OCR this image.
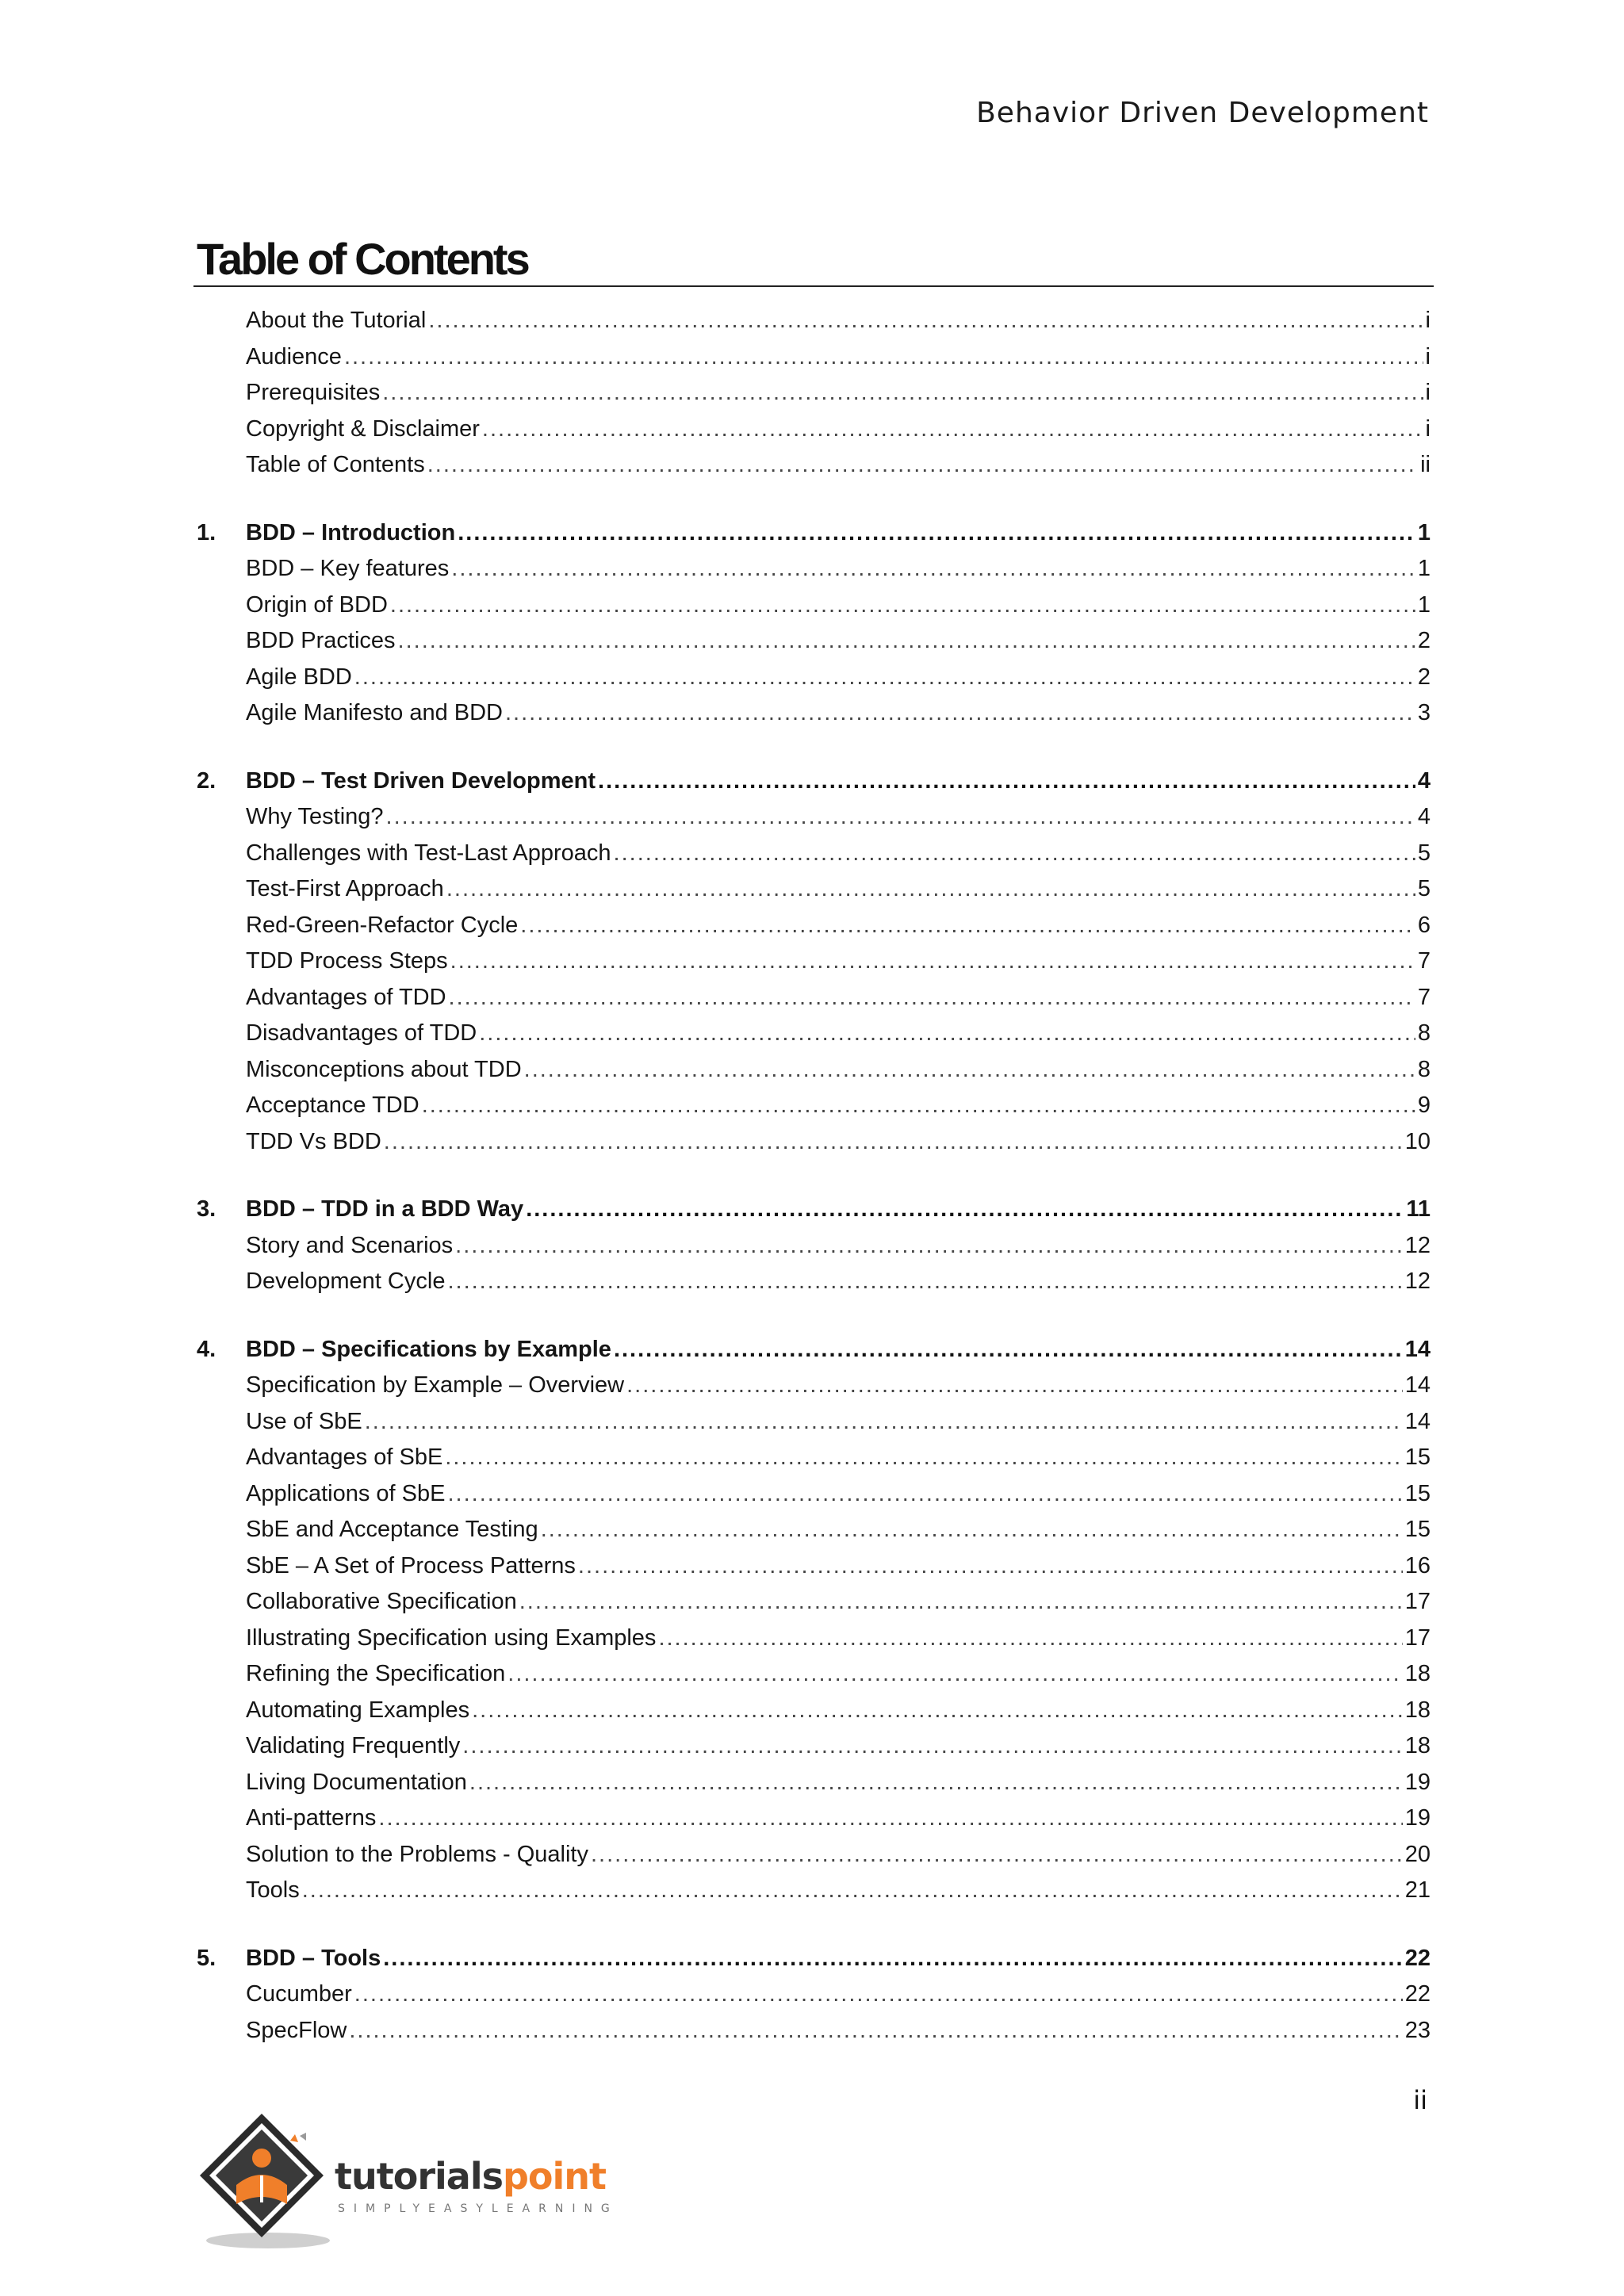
Behavior Driven Development
Table of Contents
About the Tutorial .....	i
Audience .....	i
Prerequisites .....	i
Copyright & Disclaimer .....	i
Table of Contents .....	ii
1.	BDD – Introduction .....	1
BDD – Key features .....	1
Origin of BDD .....	1
BDD Practices .....	2
Agile BDD .....	2
Agile Manifesto and BDD .....	3
2.	BDD – Test Driven Development .....	4
Why Testing? .....	4
Challenges with Test-Last Approach .....	5
Test-First Approach .....	5
Red-Green-Refactor Cycle .....	6
TDD Process Steps .....	7
Advantages of TDD .....	7
Disadvantages of TDD .....	8
Misconceptions about TDD .....	8
Acceptance TDD .....	9
TDD Vs BDD .....	10
3.	BDD – TDD in a BDD Way .....	11
Story and Scenarios .....	12
Development Cycle .....	12
4.	BDD – Specifications by Example .....	14
Specification by Example – Overview .....	14
Use of SbE .....	14
Advantages of SbE .....	15
Applications of SbE .....	15
SbE and Acceptance Testing .....	15
SbE – A Set of Process Patterns .....	16
Collaborative Specification .....	17
Illustrating Specification using Examples .....	17
Refining the Specification .....	18
Automating Examples .....	18
Validating Frequently .....	18
Living Documentation .....	19
Anti-patterns .....	19
Solution to the Problems - Quality .....	20
Tools .....	21
5.	BDD – Tools .....	22
Cucumber .....	22
SpecFlow .....	23
ii
tutorialspoint
SIMPLYEASYLEARNING
